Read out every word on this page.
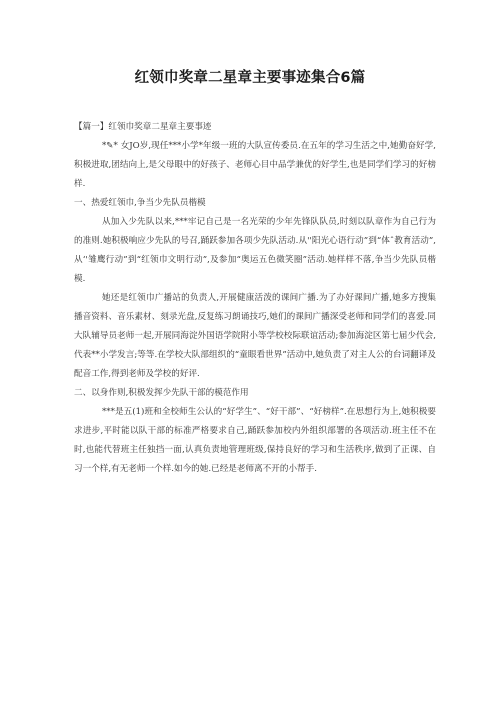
红领巾奖章二星章主要事迹集合6篇

【篇一】红领巾奖章二星章主要事迹

*✎* 女JO岁,现任***小学*年级一班的大队宣传委员.在五年的学习生活之中,她勤奋好学,积极进取,团结向上,是父母眼中的好孩子、老师心目中品学兼优的好学生,也是同学们学习的好榜样.

一、热爱红领巾,争当少先队员楷模

从加入少先队以来,***牢记自己是一名光荣的少年先锋队队员,时刻以队章作为自己行为的准则.她积极响应少先队的号召,踊跃参加各项少先队活动.从''阳光心语行动”到“体ˆ教育活动”,从‘'雏鹰行动”到“红领巾文明行动”,及参加“奥运五色微笑圈”活动.她样样不落,争当少先队员楷模.

她还是红领巾广播站的负责人,开展健康活泼的课间广播.为了办好课间广播,她多方搜集播音资料、音乐素材、刻录光盘,反复练习朗诵技巧,她们的课间广播深受老师和同学们的喜爱.同大队辅导员老师一起,开展同海淀外国语学院附小等学校校际联谊活动;参加海淀区第七届少代会,代表**小学发言;等等.在学校大队部组织的“童眼看世界”活动中,她负责了对主人公的台词翻译及配音工作,得到老师及学校的好评.

二、以身作则,积极发挥少先队干部的模范作用

***是五(1)班和全校师生公认的“好学生”、“好干部”、“好榜样”.在思想行为上,她积极要求进步,平时能以队干部的标准严格要求自己,踊跃参加校内外组织部署的各项活动.班主任不在时,也能代替班主任独挡一面,认真负责地管理班级,保持良好的学习和生活秩序,做到了正课、自习一个样,有无老师一个样.如今的她.已经是老师离不开的小帮手.
